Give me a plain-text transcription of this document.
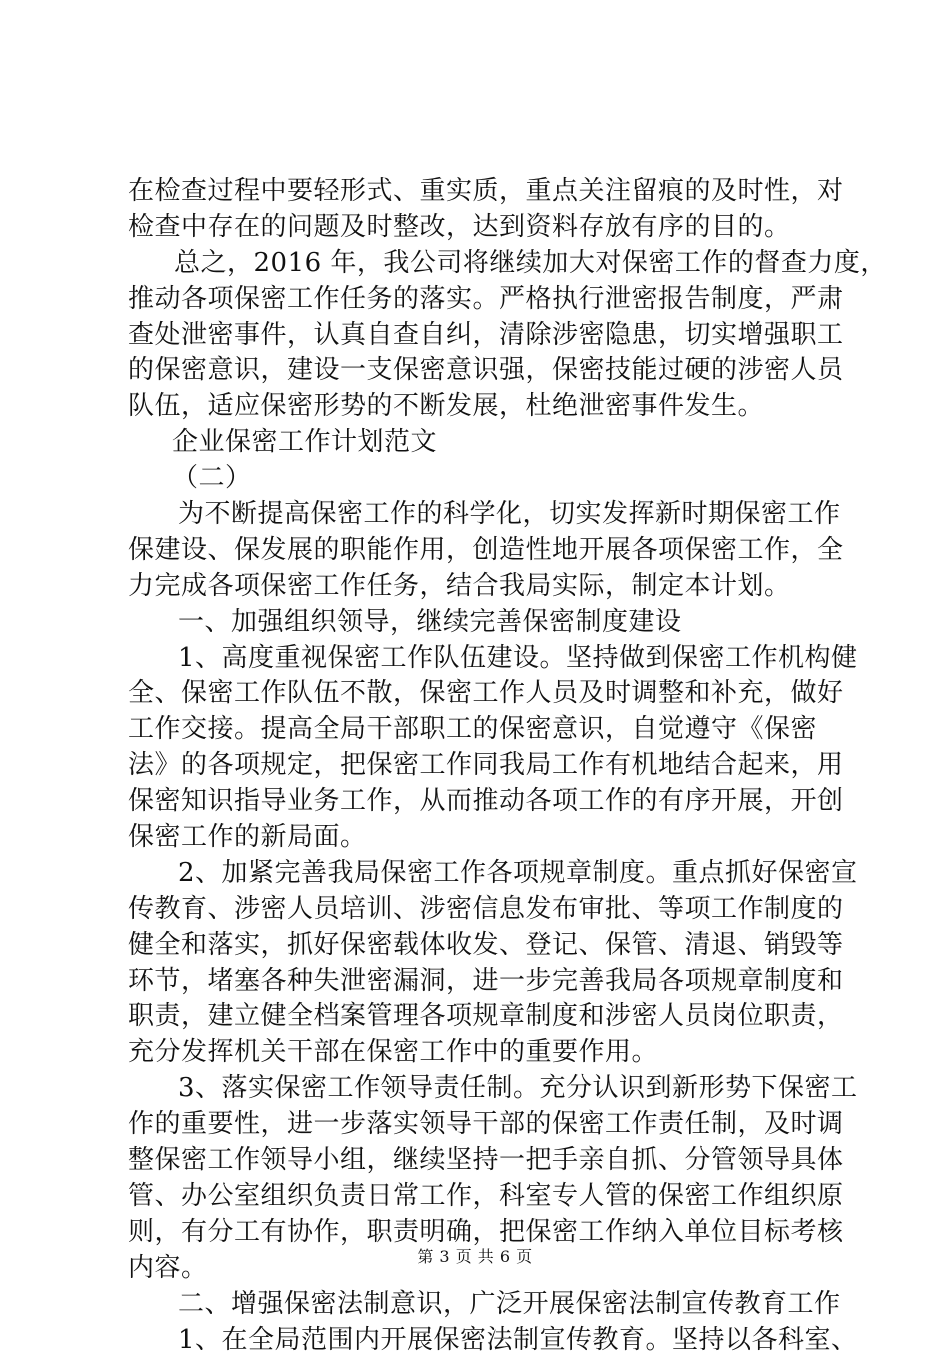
在检查过程中要轻形式、重实质，重点关注留痕的及时性，对
检查中存在的问题及时整改，达到资料存放有序的目的。
总之，2016 年，我公司将继续加大对保密工作的督查力度，
推动各项保密工作任务的落实。严格执行泄密报告制度，严肃
查处泄密事件，认真自查自纠，清除涉密隐患，切实增强职工
的保密意识，建设一支保密意识强，保密技能过硬的涉密人员
队伍，适应保密形势的不断发展，杜绝泄密事件发生。
企业保密工作计划范文
（二）
为不断提高保密工作的科学化，切实发挥新时期保密工作
保建设、保发展的职能作用，创造性地开展各项保密工作，全
力完成各项保密工作任务，结合我局实际，制定本计划。
一、加强组织领导，继续完善保密制度建设
1、高度重视保密工作队伍建设。坚持做到保密工作机构健
全、保密工作队伍不散，保密工作人员及时调整和补充，做好
工作交接。提高全局干部职工的保密意识，自觉遵守《保密
法》的各项规定，把保密工作同我局工作有机地结合起来，用
保密知识指导业务工作，从而推动各项工作的有序开展，开创
保密工作的新局面。
2、加紧完善我局保密工作各项规章制度。重点抓好保密宣
传教育、涉密人员培训、涉密信息发布审批、等项工作制度的
健全和落实，抓好保密载体收发、登记、保管、清退、销毁等
环节，堵塞各种失泄密漏洞，进一步完善我局各项规章制度和
职责，建立健全档案管理各项规章制度和涉密人员岗位职责，
充分发挥机关干部在保密工作中的重要作用。
3、落实保密工作领导责任制。充分认识到新形势下保密工
作的重要性，进一步落实领导干部的保密工作责任制，及时调
整保密工作领导小组，继续坚持一把手亲自抓、分管领导具体
管、办公室组织负责日常工作，科室专人管的保密工作组织原
则，有分工有协作，职责明确，把保密工作纳入单位目标考核
内容。
二、增强保密法制意识，广泛开展保密法制宣传教育工作
1、在全局范围内开展保密法制宣传教育。坚持以各科室、
第 3 页 共 6 页
